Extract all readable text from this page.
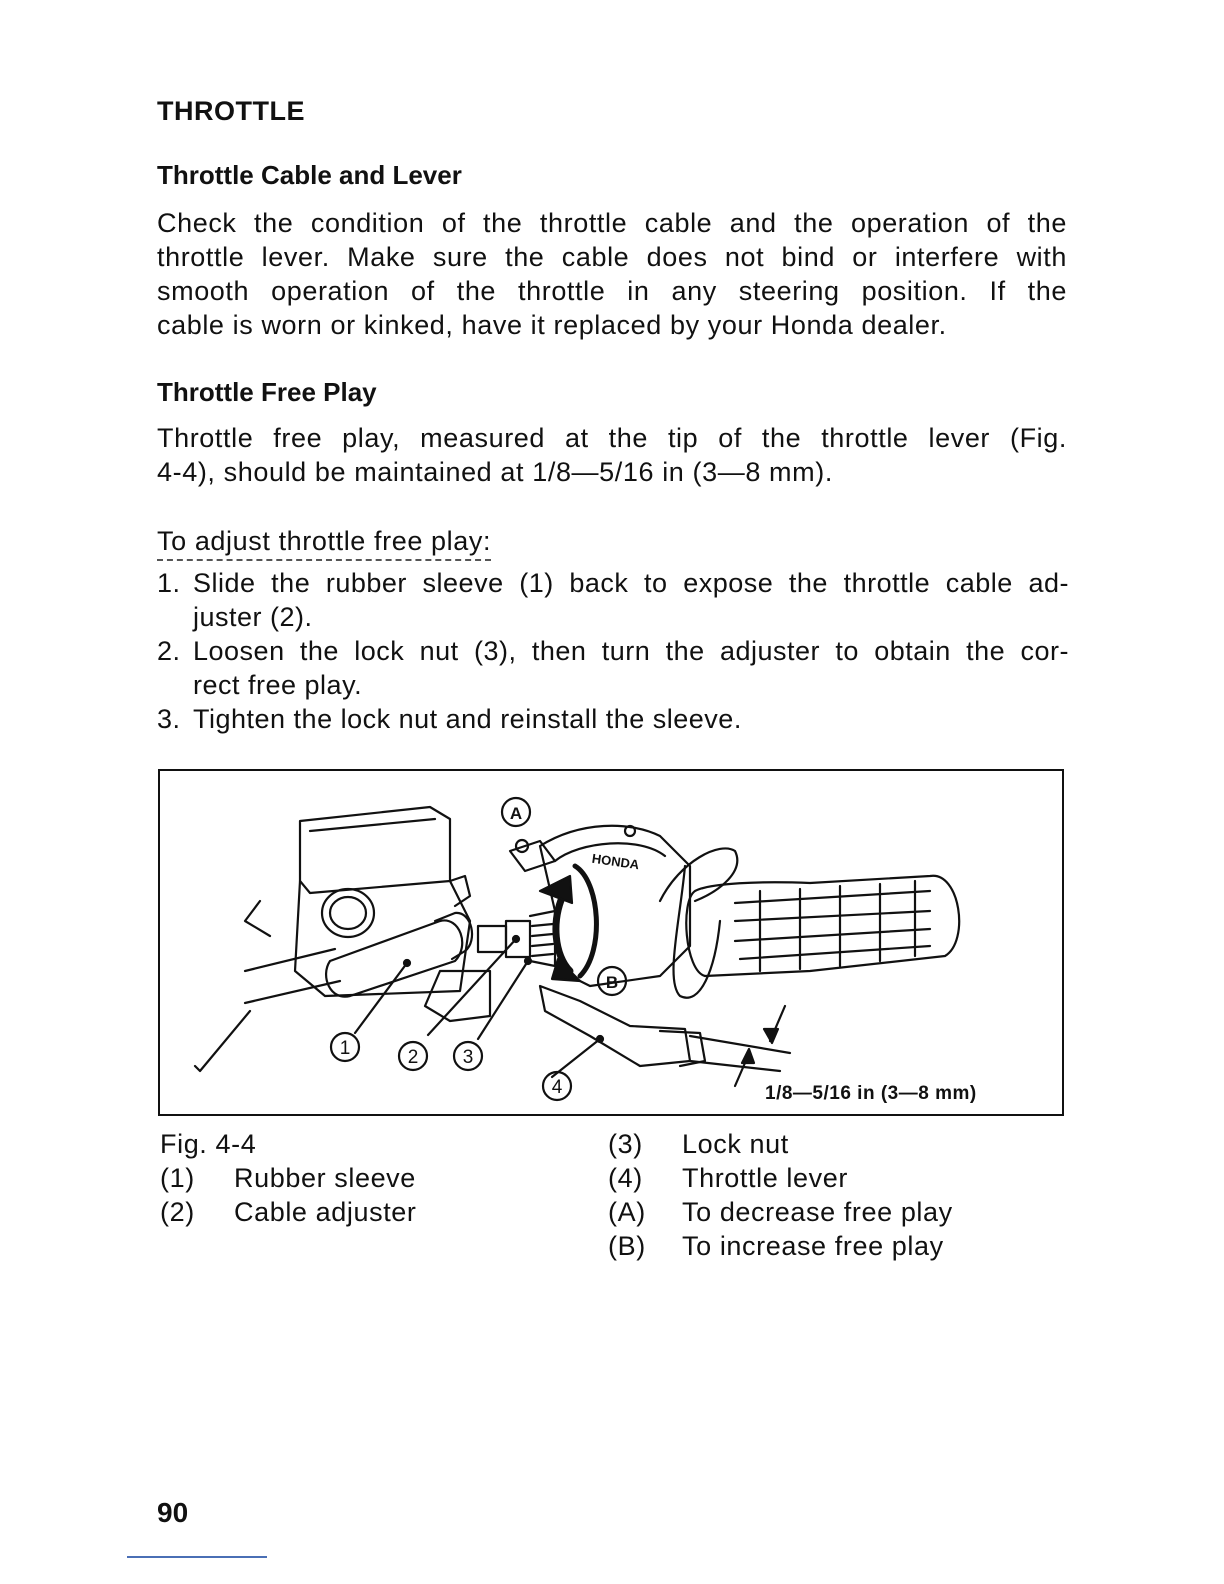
THROTTLE
Throttle Cable and Lever
Check the condition of the throttle cable and the operation of the
throttle lever. Make sure the cable does not bind or interfere with
smooth operation of the throttle in any steering position. If the
cable is worn or kinked, have it replaced by your Honda dealer.
Throttle Free Play
Throttle free play, measured at the tip of the throttle lever (Fig.
4-4), should be maintained at 1/8—5/16 in (3—8 mm).
To adjust throttle free play:
1. Slide the rubber sleeve (1) back to expose the throttle cable ad-
juster (2).
2. Loosen the lock nut (3), then turn the adjuster to obtain the cor-
rect free play.
3. Tighten the lock nut and reinstall the sleeve.
HONDA
1	2 3
4
A
B
1/8—5/16 in (3—8 mm)
Fig. 4-4
(1) Rubber sleeve
(2) Cable adjuster
(3) Lock nut
(4) Throttle lever
(A) To decrease free play
(B) To increase free play
90
